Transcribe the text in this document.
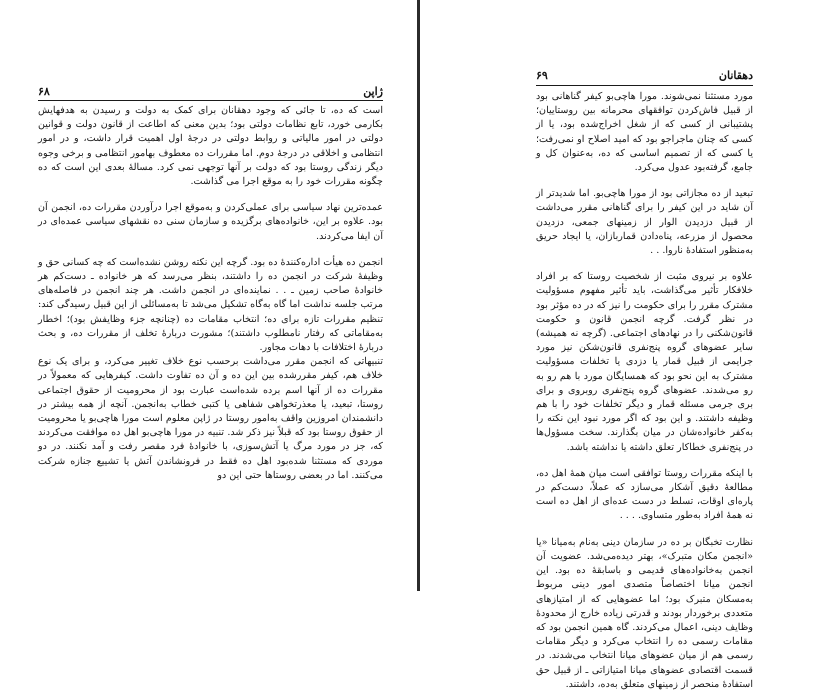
ژاپن
۶۸

است که ده، تا جائی که وجود دهقانان برای کمک به دولت و رسیدن به هدفهایش بکارمی خورد، تابع نظامات دولتی بود؛ بدین معنی که اطاعت از قانون دولت و قوانین دولتی در امور مالیاتی و روابط دولتی در درجهٔ اول اهمیت قرار داشت، و در امور انتظامی و اخلاقی در درجهٔ دوم. اما مقررات ده معطوف بهامور انتظامی و برخی وجوه دیگر زندگی روستا بود که دولت بر آنها توجهی نمی کرد. مسالهٔ بعدی این است که ده چگونه مقررات خود را به موقع اجرا می گذاشت.

عمده‌ترین نهاد سیاسی برای عملی‌کردن و به‌موقع اجرا درآوردن مقررات ده، انجمن آن بود. علاوه بر این، خانواده‌های برگزیده و سازمان سنی ده نقشهای سیاسی عمده‌ای در آن ایفا می‌کردند.

انجمن ده هیأت اداره‌کنندهٔ ده بود. گرچه این نکته روشن نشده‌است که چه کسانی حق و وظیفهٔ شرکت در انجمن ده را داشتند، بنظر می‌رسد که هر خانواده ـ دست‌کم هر خانوادهٔ صاحب زمین ـ . . نماینده‌ای در انجمن داشت. هر چند انجمن در فاصله‌های مرتب جلسه نداشت اما گاه به‌گاه تشکیل می‌شد تا به‌مسائلی از این قبیل رسیدگی کند: تنظیم مقررات تازه برای ده؛ انتخاب مقامات ده (چنانچه جزء وظایفش بود)؛ اخطار به‌مقاماتی که رفتار نامطلوب داشتند)؛ مشورت دربارهٔ تخلف از مقررات ده، و بحث دربارهٔ اختلافات با دهات مجاور.

تنبیهاتی که انجمن مقرر می‌داشت برحسب نوع خلاف تغییر می‌کرد، و برای یک نوع خلاف هم، کیفر مقررشده بین این ده و آن ده تفاوت داشت. کیفرهایی که معمولاً در مقررات ده از آنها اسم برده شده‌است عبارت بود از محرومیت از حقوق اجتماعی روستا، تبعید، یا معذرتخواهی شفاهی یا کتبی خطاب به‌انجمن. آنچه از همه بیشتر در دانشمندان امروزین واقف به‌امور روستا در ژاپن معلوم است مورا هاچی‌بو یا محرومیت از حقوق روستا بود که قبلاً نیز ذکر شد. تنبیه در مورا هاچی‌بو اهل ده موافقت می‌کردند که، جز در مورد مرگ یا آتش‌سوزی، با خانوادهٔ فرد مقصر رفت و آمد نکنند. در دو موردی که مستثنا شده‌بود اهل ده فقط در فرونشاندن آتش یا تشییع جنازه شرکت می‌کنند. اما در بعضی روستاها حتی این دو

دهقانان
۶۹

مورد مستثنا نمی‌شوند. مورا هاچی‌بو کیفر گناهانی بود از قبیل فاش‌کردن توافقهای محرمانه بین روستاییان؛ پشتیبانی از کسی که از شغل اخراج‌شده بود، یا از کسی که چنان ماجراجو بود که امید اصلاح او نمی‌رفت؛ یا کسی که از تصمیم اساسی که ده، به‌عنوان کل و جامع، گرفته‌بود عدول می‌کرد.

تبعید از ده مجازاتی بود از مورا هاچی‌بو. اما شدیدتر از آن شاید در این کیفر را برای گناهانی مقرر می‌داشت از قبیل دزدیدن الوار از زمینهای جمعی، دزدیدن محصول از مزرعه، پناه‌دادن قماربازان، یا ایجاد حریق به‌منظور استفادهٔ ناروا. . .

علاوه بر نیروی مثبت از شخصیت روستا که بر افراد خلافکار تأثیر می‌گذاشت، باید تأثیر مفهوم مسؤولیت مشترک مقرر را برای حکومت را نیز که در ده مؤثر بود در نظر گرفت. گرچه انجمن قانون و حکومت قانون‌شکنی را در نهادهای اجتماعی. (گرچه نه همیشه) سایر عضوهای گروه پنج‌نفری قانون‌شکن نیز مورد جرایمی از قبیل قمار یا دزدی یا تخلفات مسؤولیت مشترک به این نحو بود که همسایگان مورد با هم رو به رو می‌شدند. عضوهای گروه پنج‌نفری روبروی و برای بری جرمی مسئله قمار و دیگر تخلفات خود را با هم وظیفه داشتند. و این بود که اگر مورد نبود این نکته را به‌کفر خانواده‌شان در میان بگذارند. سخت مسؤول‌ها در پنج‌نفری خطاکار تعلق داشته یا نداشته باشد.

با اینکه مقررات روستا توافقی است میان همهٔ اهل ده، مطالعهٔ دقیق آشکار می‌سازد که عملاً، دست‌کم در پاره‌ای اوقات، تسلط در دست عده‌ای از اهل ده است نه همهٔ افراد به‌طور متساوی. . . .

نظارت تخبگان بر ده در سازمان دینی به‌نام به‌میانا «یا «انجمن مکان متبرک»، بهتر دیده‌می‌شد. عضویت آن انجمن به‌خانواده‌های قدیمی و با‌سابقهٔ ده بود. این انجمن میانا اختصاصاً متصدی امور دینی مربوط به‌مسکان متبرک بود؛ اما عضوهایی که از امتیازهای متعددی برخوردار بودند و قدرتی زیاده خارج از محدودهٔ وظایف دینی، اعمال می‌کردند. گاه همین انجمن بود که مقامات رسمی ده را انتخاب می‌کرد و دیگر مقامات رسمی هم از میان عضوهای میانا انتخاب می‌شدند. در قسمت اقتصادی عضوهای میانا امتیازاتی ـ از قبیل حق استفادهٔ منحصر از زمینهای متعلق به‌ده، داشتند.
